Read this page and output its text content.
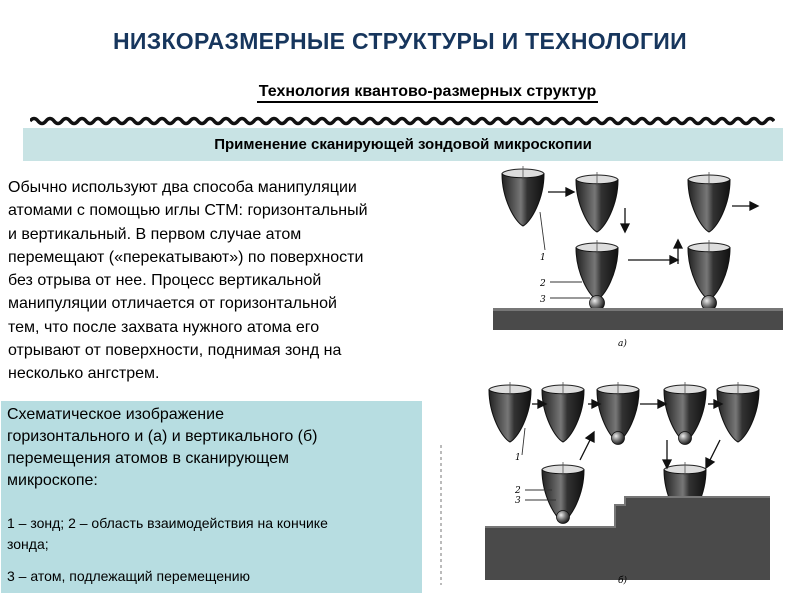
НИЗКОРАЗМЕРНЫЕ СТРУКТУРЫ И ТЕХНОЛОГИИ
Технология квантово-размерных структур
Применение сканирующей зондовой микроскопии
Обычно используют два способа манипуляции
атомами с помощью иглы СТМ: горизонтальный
и вертикальный. В первом случае атом
перемещают («перекатывают») по поверхности
без отрыва от нее. Процесс вертикальной
манипуляции отличается от горизонтальной
тем, что после захвата нужного атома его
отрывают от поверхности, поднимая зонд на
несколько ангстрем.
Схематическое изображение
горизонтального и (а) и вертикального (б)
перемещения атомов в сканирующем
микроскопе:
1 – зонд; 2 – область взаимодействия на кончике
зонда;
3 – атом, подлежащий перемещению
1
2
3
а)
1
2
3
б)
